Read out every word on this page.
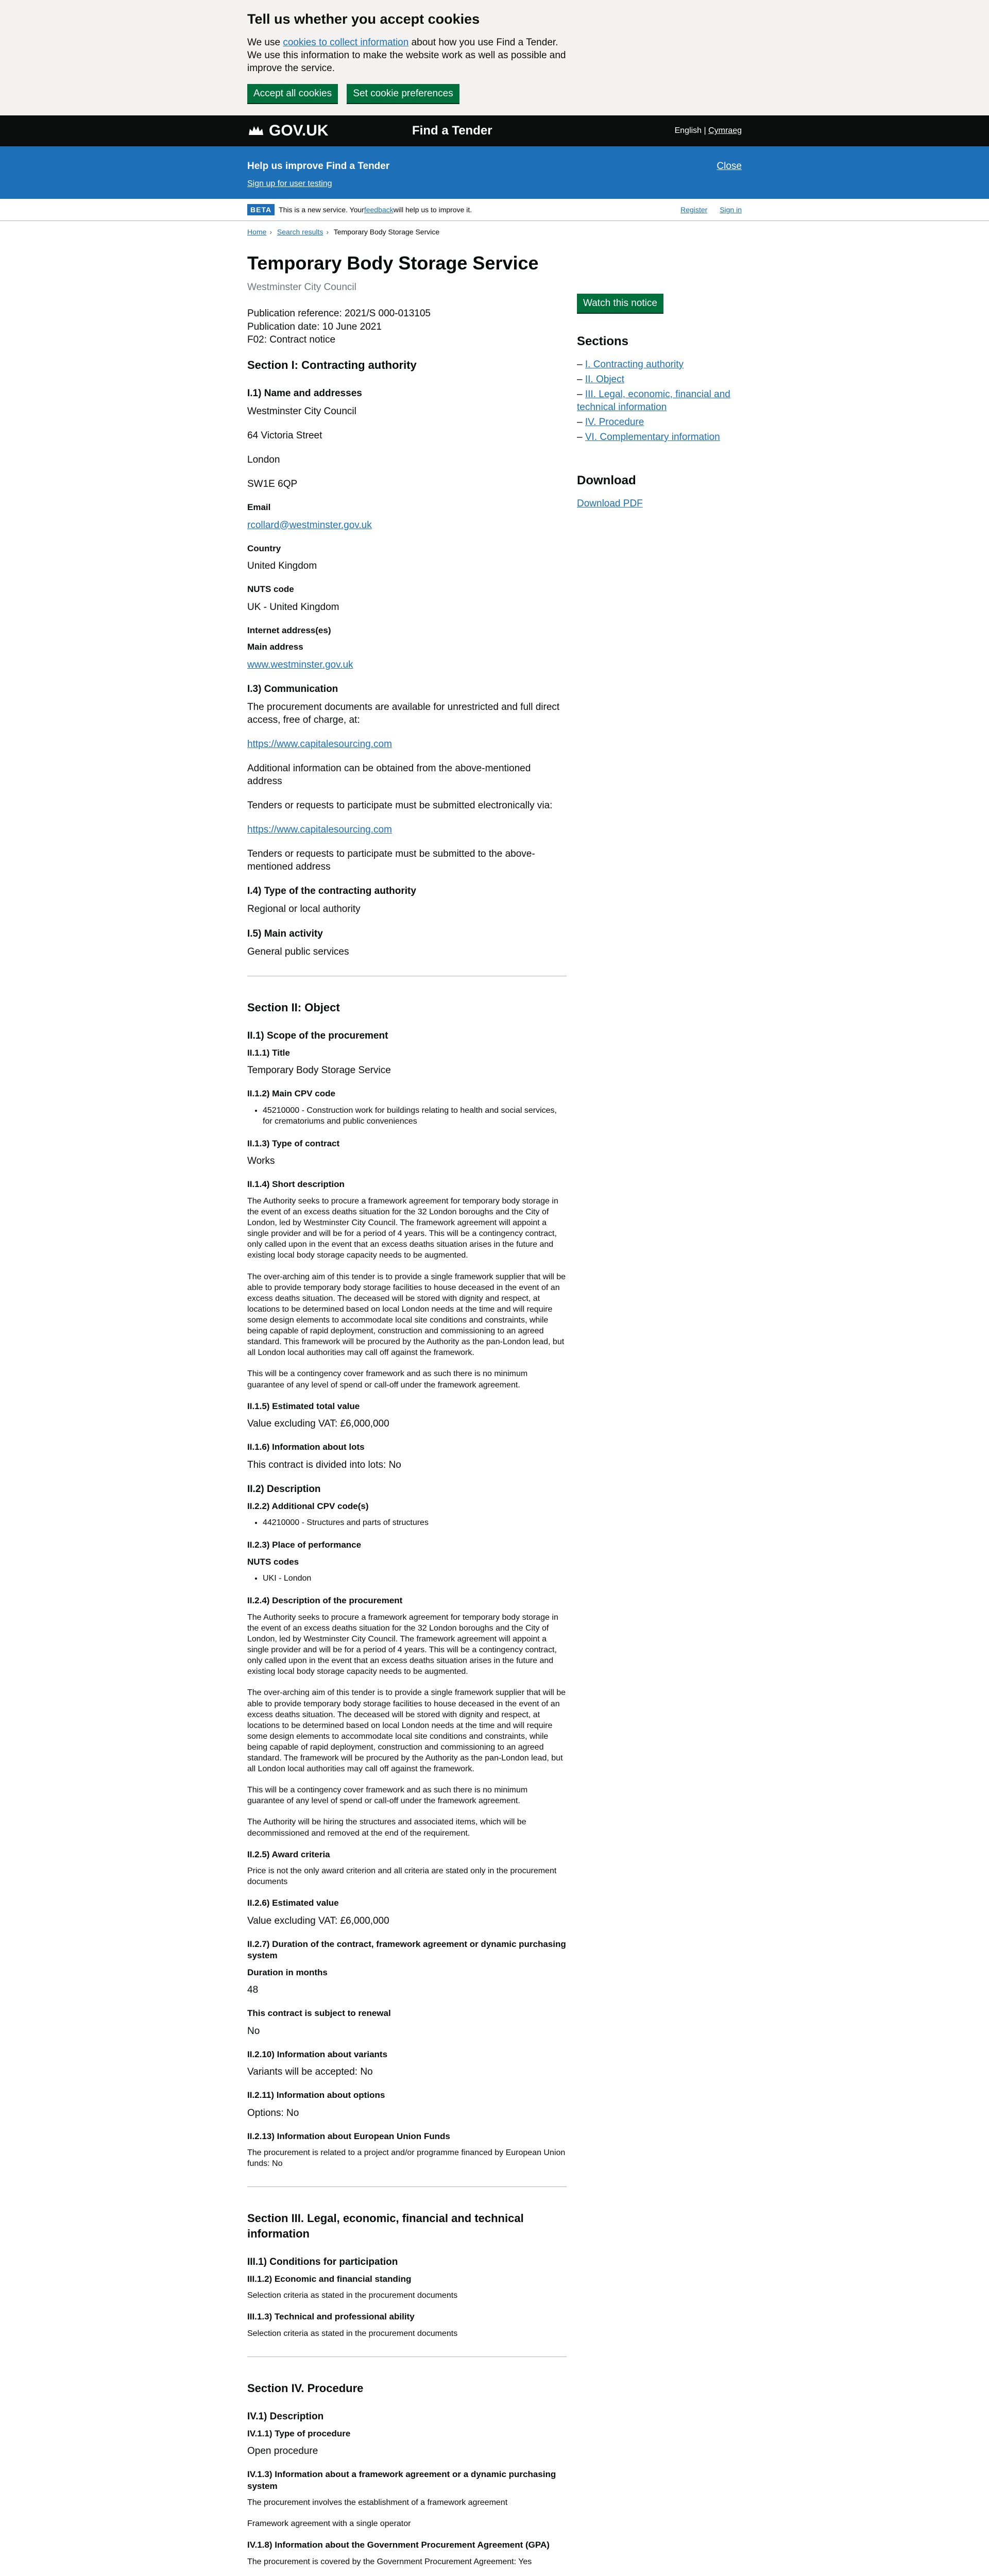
Tell us whether you accept cookies

We use cookies to collect information about how you use Find a Tender. We use this information to make the website work as well as possible and improve the service.

Accept all cookies Set cookie preferences
GOV.UK	Find a Tender	English | Cymraeg
Help us improve Find a Tender
Sign up for user testing
Close
BETA	This is a new service. Your feedback will help us to improve it.	Register Sign in
Home › Search results › Temporary Body Storage Service
Temporary Body Storage Service

Westminster City Council

Publication reference: 2021/S 000-013105

Publication date: 10 June 2021

F02: Contract notice

Section I: Contracting authority
I.1) Name and addresses

Westminster City Council

64 Victoria Street

London

SW1E 6QP

Email

rcollard@westminster.gov.uk

Country

United Kingdom

NUTS code

UK - United Kingdom

Internet address(es)
Main address

www.westminster.gov.uk

I.3) Communication

The procurement documents are available for unrestricted and full direct access, free of charge, at:

https://www.capitalesourcing.com

Additional information can be obtained from the above-mentioned address

Tenders or requests to participate must be submitted electronically via:

https://www.capitalesourcing.com

Tenders or requests to participate must be submitted to the above-mentioned address

I.4) Type of the contracting authority

Regional or local authority

I.5) Main activity

General public services

Section II: Object
II.1) Scope of the procurement
II.1.1) Title

Temporary Body Storage Service

II.1.2) Main CPV code
• 45210000 - Construction work for buildings relating to health and social services, for crematoriums and public conveniences
II.1.3) Type of contract

Works

II.1.4) Short description

The Authority seeks to procure a framework agreement for temporary body storage in the event of an excess deaths situation for the 32 London boroughs and the City of London, led by Westminster City Council. The framework agreement will appoint a single provider and will be for a period of 4 years. This will be a contingency contract, only called upon in the event that an excess deaths situation arises in the future and existing local body storage capacity needs to be augmented.

The over-arching aim of this tender is to provide a single framework supplier that will be able to provide temporary body storage facilities to house deceased in the event of an excess deaths situation. The deceased will be stored with dignity and respect, at locations to be determined based on local London needs at the time and will require some design elements to accommodate local site conditions and constraints, while being capable of rapid deployment, construction and commissioning to an agreed standard. This framework will be procured by the Authority as the pan-London lead, but all London local authorities may call off against the framework.

This will be a contingency cover framework and as such there is no minimum guarantee of any level of spend or call-off under the framework agreement.

II.1.5) Estimated total value

Value excluding VAT: £6,000,000

II.1.6) Information about lots

This contract is divided into lots: No

II.2) Description
II.2.2) Additional CPV code(s)
• 44210000 - Structures and parts of structures
II.2.3) Place of performance
NUTS codes
• UKI - London
II.2.4) Description of the procurement

The Authority seeks to procure a framework agreement for temporary body storage in the event of an excess deaths situation for the 32 London boroughs and the City of London, led by Westminster City Council. The framework agreement will appoint a single provider and will be for a period of 4 years. This will be a contingency contract, only called upon in the event that an excess deaths situation arises in the future and existing local body storage capacity needs to be augmented.

The over-arching aim of this tender is to provide a single framework supplier that will be able to provide temporary body storage facilities to house deceased in the event of an excess deaths situation. The deceased will be stored with dignity and respect, at locations to be determined based on local London needs at the time and will require some design elements to accommodate local site conditions and constraints, while being capable of rapid deployment, construction and commissioning to an agreed standard. The framework will be procured by the Authority as the pan-London lead, but all London local authorities may call off against the framework.

This will be a contingency cover framework and as such there is no minimum guarantee of any level of spend or call-off under the framework agreement.

The Authority will be hiring the structures and associated items, which will be decommissioned and removed at the end of the requirement.

II.2.5) Award criteria

Price is not the only award criterion and all criteria are stated only in the procurement documents

II.2.6) Estimated value

Value excluding VAT: £6,000,000

II.2.7) Duration of the contract, framework agreement or dynamic purchasing system
Duration in months

48

This contract is subject to renewal

No

II.2.10) Information about variants

Variants will be accepted: No

II.2.11) Information about options

Options: No

II.2.13) Information about European Union Funds

The procurement is related to a project and/or programme financed by European Union funds: No

Section III. Legal, economic, financial and technical information
III.1) Conditions for participation
III.1.2) Economic and financial standing

Selection criteria as stated in the procurement documents

III.1.3) Technical and professional ability

Selection criteria as stated in the procurement documents

Section IV. Procedure
IV.1) Description
IV.1.1) Type of procedure

Open procedure

IV.1.3) Information about a framework agreement or a dynamic purchasing system

The procurement involves the establishment of a framework agreement

Framework agreement with a single operator

IV.1.8) Information about the Government Procurement Agreement (GPA)

The procurement is covered by the Government Procurement Agreement: Yes

Watch this notice
Sections
– I. Contracting authority
– II. Object
– III. Legal, economic, financial and technical information
– IV. Procedure
– VI. Complementary information
Download
Download PDF
